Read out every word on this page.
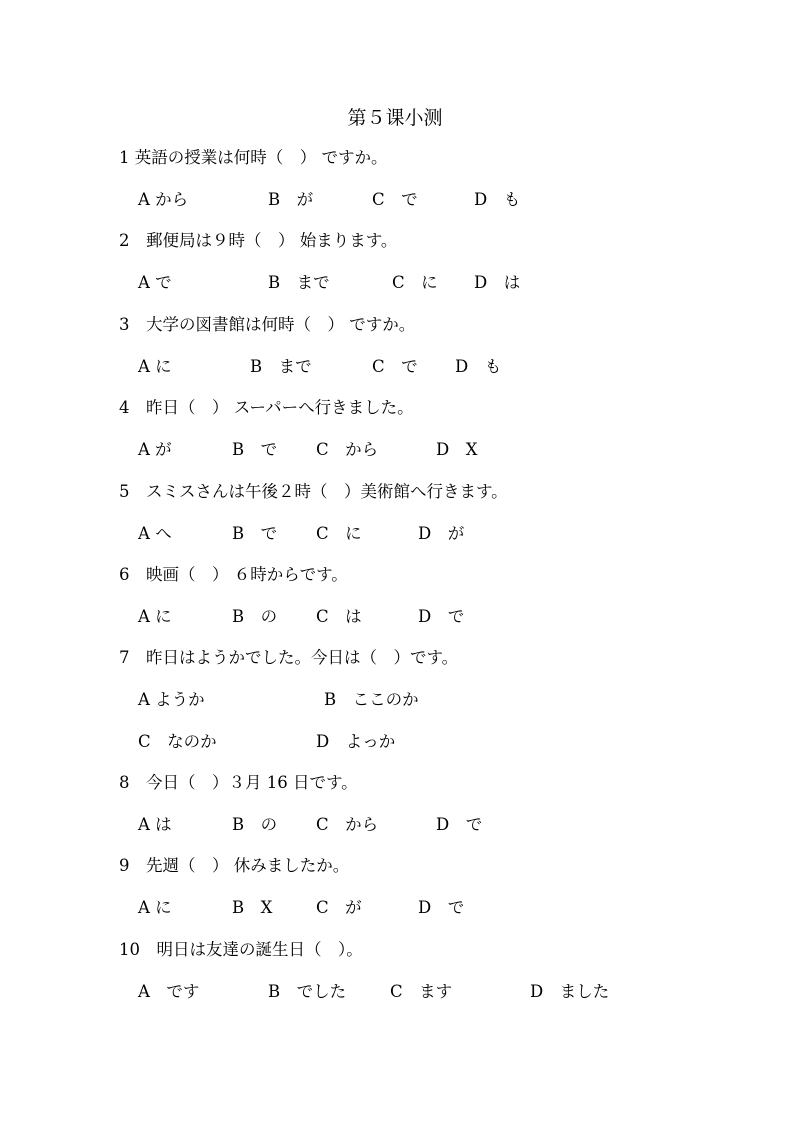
第５课小测
1 英語の授業は何時（　） ですか。
A から	B　が	C　で	D　も
2　郵便局は９時（　） 始まります。
A で	B　まで	C　に D　は
3　大学の図書館は何時（　） ですか。
A に	B　まで	C　で D　も
4　昨日（　） スーパーへ行きました。
A が	B　で C　から	D　X
5　スミスさんは午後２時（　）美術館へ行きます。
A へ	B　で C　に	D　が
6　映画（　） ６時からです。
A に	B　の C　は	D　で
7　昨日はようかでした。今日は（　）です。
A ようか	B　ここのか
C　なのか	D　よっか
8　今日（　）３月 16 日です。
A は	B　の C　から	D　で
9　先週（　） 休みましたか。
A に	B　X	C　が	D　で
10　明日は友達の誕生日（　）。
A　です	B　でした	C　ます	D　ました
